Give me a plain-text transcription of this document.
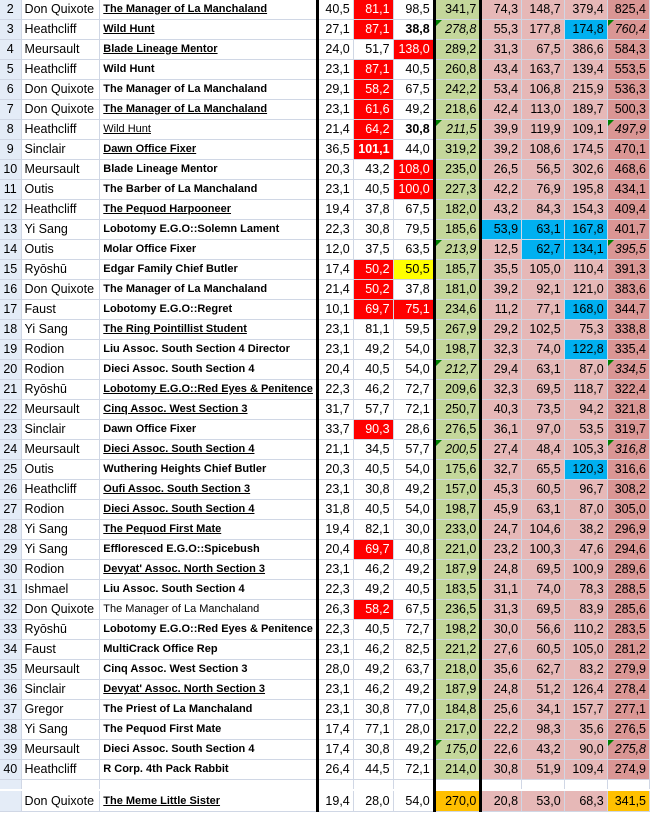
2	Don Quixote	The Manager of La Manchaland	40,5	81,1	98,5	341,7	74,3	148,7	379,4	825,4
3	Heathcliff	Wild Hunt	27,1	87,1	38,8	278,8	55,3	177,8	174,8	760,4
4	Meursault	Blade Lineage Mentor	24,0	51,7	138,0	289,2	31,3	67,5	386,6	584,3
5	Heathcliff	Wild Hunt	23,1	87,1	40,5	260,8	43,4	163,7	139,4	553,5
6	Don Quixote	The Manager of La Manchaland	29,1	58,2	67,5	242,2	53,4	106,8	215,9	536,3
7	Don Quixote	The Manager of La Manchaland	23,1	61,6	49,2	218,6	42,4	113,0	189,7	500,3
8	Heathcliff	Wild Hunt	21,4	64,2	30,8	211,5	39,9	119,9	109,1	497,9
9	Sinclair	Dawn Office Fixer	36,5	101,1	44,0	319,2	39,2	108,6	174,5	470,1
10	Meursault	Blade Lineage Mentor	20,3	43,2	108,0	235,0	26,5	56,5	302,6	468,6
11	Outis	The Barber of La Manchaland	23,1	40,5	100,0	227,3	42,2	76,9	195,8	434,1
12	Heathcliff	The Pequod Harpooneer	19,4	37,8	67,5	182,0	43,2	84,3	154,3	409,4
13	Yi Sang	Lobotomy E.G.O::Solemn Lament	22,3	30,8	79,5	185,6	53,9	63,1	167,8	401,7
14	Outis	Molar Office Fixer	12,0	37,5	63,5	213,9	12,5	62,7	134,1	395,5
15	Ryōshū	Edgar Family Chief Butler	17,4	50,2	50,5	185,7	35,5	105,0	110,4	391,3
16	Don Quixote	The Manager of La Manchaland	21,4	50,2	37,8	181,0	39,2	92,1	121,0	383,6
17	Faust	Lobotomy E.G.O::Regret	10,1	69,7	75,1	234,6	11,2	77,1	168,0	344,7
18	Yi Sang	The Ring Pointillist Student	23,1	81,1	59,5	267,9	29,2	102,5	75,3	338,8
19	Rodion	Liu Assoc. South Section 4 Director	23,1	49,2	54,0	198,7	32,3	74,0	122,8	335,4
20	Rodion	Dieci Assoc. South Section 4	20,4	40,5	54,0	212,7	29,4	63,1	87,0	334,5
21	Ryōshū	Lobotomy E.G.O::Red Eyes & Penitence	22,3	46,2	72,7	209,6	32,3	69,5	118,7	322,4
22	Meursault	Cinq Assoc. West Section 3	31,7	57,7	72,1	250,7	40,3	73,5	94,2	321,8
23	Sinclair	Dawn Office Fixer	33,7	90,3	28,6	276,5	36,1	97,0	53,5	319,7
24	Meursault	Dieci Assoc. South Section 4	21,1	34,5	57,7	200,5	27,4	48,4	105,3	316,8
25	Outis	Wuthering Heights Chief Butler	20,3	40,5	54,0	175,6	32,7	65,5	120,3	316,6
26	Heathcliff	Oufi Assoc. South Section 3	23,1	30,8	49,2	157,0	45,3	60,5	96,7	308,2
27	Rodion	Dieci Assoc. South Section 4	31,8	40,5	54,0	198,7	45,9	63,1	87,0	305,0
28	Yi Sang	The Pequod First Mate	19,4	82,1	30,0	233,0	24,7	104,6	38,2	296,9
29	Yi Sang	Effloresced E.G.O::Spicebush	20,4	69,7	40,8	221,0	23,2	100,3	47,6	294,6
30	Rodion	Devyat' Assoc. North Section 3	23,1	46,2	49,2	187,9	24,8	69,5	100,9	289,6
31	Ishmael	Liu Assoc. South Section 4	22,3	49,2	40,5	183,5	31,1	74,0	78,3	288,5
32	Don Quixote	The Manager of La Manchaland	26,3	58,2	67,5	236,5	31,3	69,5	83,9	285,6
33	Ryōshū	Lobotomy E.G.O::Red Eyes & Penitence	22,3	40,5	72,7	198,2	30,0	56,6	110,2	283,5
34	Faust	MultiCrack Office Rep	23,1	46,2	82,5	221,2	27,6	60,5	105,0	281,2
35	Meursault	Cinq Assoc. West Section 3	28,0	49,2	63,7	218,0	35,6	62,7	83,2	279,9
36	Sinclair	Devyat' Assoc. North Section 3	23,1	46,2	49,2	187,9	24,8	51,2	126,4	278,4
37	Gregor	The Priest of La Manchaland	23,1	30,8	77,0	184,8	25,6	34,1	157,7	277,1
38	Yi Sang	The Pequod First Mate	17,4	77,1	28,0	217,0	22,2	98,3	35,6	276,5
39	Meursault	Dieci Assoc. South Section 4	17,4	30,8	49,2	175,0	22,6	43,2	90,0	275,8
40	Heathcliff	R Corp. 4th Pack Rabbit	26,4	44,5	72,1	214,0	30,8	51,9	109,4	274,9

	Don Quixote	The Meme Little Sister	19,4	28,0	54,0	270,0	20,8	53,0	68,3	341,5
